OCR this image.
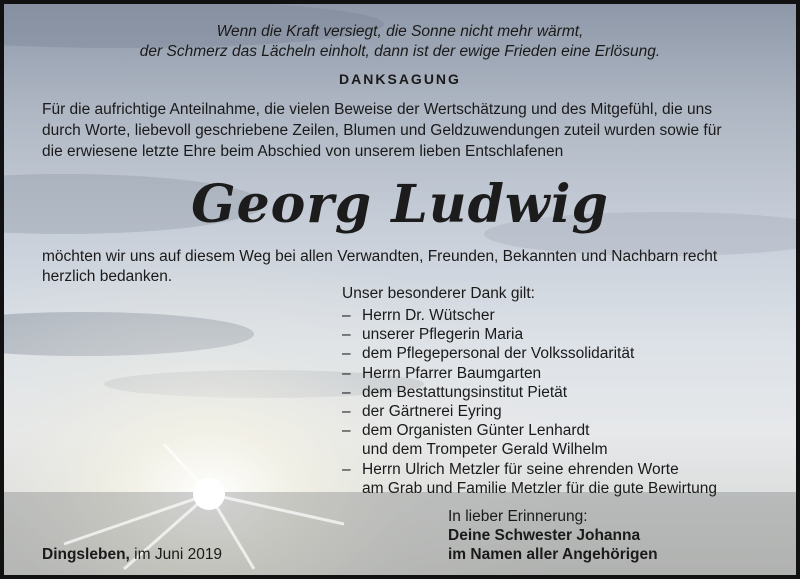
Wenn die Kraft versiegt, die Sonne nicht mehr wärmt,
der Schmerz das Lächeln einholt, dann ist der ewige Frieden eine Erlösung.
DANKSAGUNG
Für die aufrichtige Anteilnahme, die vielen Beweise der Wertschätzung und des Mitgefühl, die uns
durch Worte, liebevoll geschriebene Zeilen, Blumen und Geldzuwendungen zuteil wurden sowie für
die erwiesene letzte Ehre beim Abschied von unserem lieben Entschlafenen
Georg Ludwig
möchten wir uns auf diesem Weg bei allen Verwandten, Freunden, Bekannten und Nachbarn recht
herzlich bedanken.
Unser besonderer Dank gilt:
– Herrn Dr. Wütscher
– unserer Pflegerin Maria
– dem Pflegepersonal der Volkssolidarität
– Herrn Pfarrer Baumgarten
– dem Bestattungsinstitut Pietät
– der Gärtnerei Eyring
– dem Organisten Günter Lenhardt
und dem Trompeter Gerald Wilhelm
– Herrn Ulrich Metzler für seine ehrenden Worte
am Grab und Familie Metzler für die gute Bewirtung
In lieber Erinnerung:
Deine Schwester Johanna
im Namen aller Angehörigen
Dingsleben, im Juni 2019
